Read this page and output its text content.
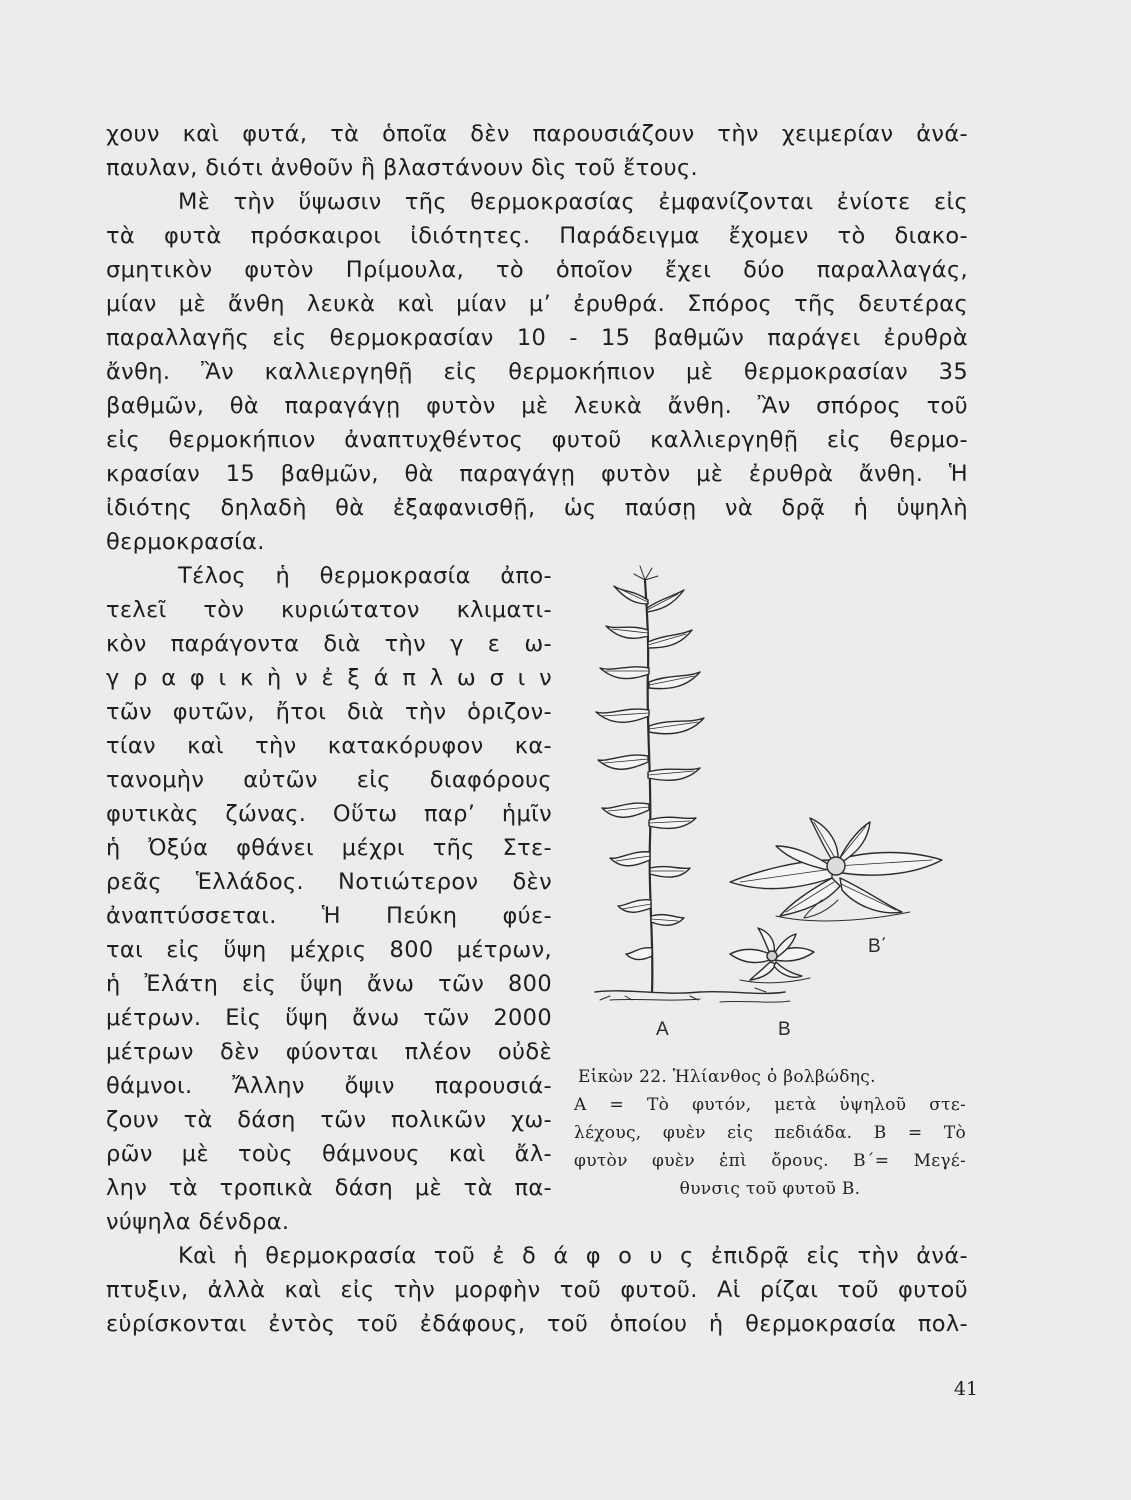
χουν καὶ φυτά, τὰ ὁποῖα δὲν παρουσιάζουν τὴν χειμερίαν ἀνά-
παυλαν, διότι ἀνθοῦν ἢ βλαστάνουν δὶς τοῦ ἔτους.
Μὲ τὴν ὕψωσιν τῆς θερμοκρασίας ἐμφανίζονται ἐνίοτε εἰς
τὰ φυτὰ πρόσκαιροι ἰδιότητες. Παράδειγμα ἔχομεν τὸ διακο-
σμητικὸν φυτὸν Πρίμουλα, τὸ ὁποῖον ἔχει δύο παραλλαγάς,
μίαν μὲ ἄνθη λευκὰ καὶ μίαν μ’ ἐρυθρά. Σπόρος τῆς δευτέρας
παραλλαγῆς εἰς θερμοκρασίαν 10 - 15 βαθμῶν παράγει ἐρυθρὰ
ἄνθη. Ἂν καλλιεργηθῇ εἰς θερμοκήπιον μὲ θερμοκρασίαν 35
βαθμῶν, θὰ παραγάγῃ φυτὸν μὲ λευκὰ ἄνθη. Ἂν σπόρος τοῦ
εἰς θερμοκήπιον ἀναπτυχθέντος φυτοῦ καλλιεργηθῇ εἰς θερμο-
κρασίαν 15 βαθμῶν, θὰ παραγάγῃ φυτὸν μὲ ἐρυθρὰ ἄνθη. Ἡ
ἰδιότης δηλαδὴ θὰ ἐξαφανισθῇ, ὡς παύσῃ νὰ δρᾷ ἡ ὑψηλὴ
θερμοκρασία.
Τέλος ἡ θερμοκρασία ἀπο-
τελεῖ τὸν κυριώτατον κλιματι-
κὸν παράγοντα διὰ τὴν γ ε ω-
γ ρ α φ ι κ ὴ ν ἐ ξ ά π λ ω σ ι ν
τῶν φυτῶν, ἤτοι διὰ τὴν ὁριζον-
τίαν καὶ τὴν κατακόρυφον κα-
τανομὴν αὐτῶν εἰς διαφόρους
φυτικὰς ζώνας. Οὕτω παρ’ ἡμῖν
ἡ Ὀξύα φθάνει μέχρι τῆς Στε-
ρεᾶς Ἑλλάδος. Νοτιώτερον δὲν
ἀναπτύσσεται. Ἡ Πεύκη φύε-
ται εἰς ὕψη μέχρις 800 μέτρων,
ἡ Ἐλάτη εἰς ὕψη ἄνω τῶν 800
μέτρων. Εἰς ὕψη ἄνω τῶν 2000
μέτρων δὲν φύονται πλέον οὐδὲ
θάμνοι. Ἄλλην ὄψιν παρουσιά-
ζουν τὰ δάση τῶν πολικῶν χω-
ρῶν μὲ τοὺς θάμνους καὶ ἄλ-
λην τὰ τροπικὰ δάση μὲ τὰ πα-
νύψηλα δένδρα.
Α	Β
Β΄
Εἰκὼν 22. Ἡλίανθος ὁ βολβώδης.
Α = Τὸ φυτόν, μετὰ ὑψηλοῦ στε-
λέχους, φυὲν εἰς πεδιάδα. Β = Τὸ
φυτὸν φυὲν ἐπὶ ὄρους. Β΄= Μεγέ-
θυνσις τοῦ φυτοῦ Β.
Καὶ ἡ θερμοκρασία τοῦ ἐ δ ά φ ο υ ς ἐπιδρᾷ εἰς τὴν ἀνά-
πτυξιν, ἀλλὰ καὶ εἰς τὴν μορφὴν τοῦ φυτοῦ. Αἱ ρίζαι τοῦ φυτοῦ
εὑρίσκονται ἐντὸς τοῦ ἐδάφους, τοῦ ὁποίου ἡ θερμοκρασία πολ-
41
